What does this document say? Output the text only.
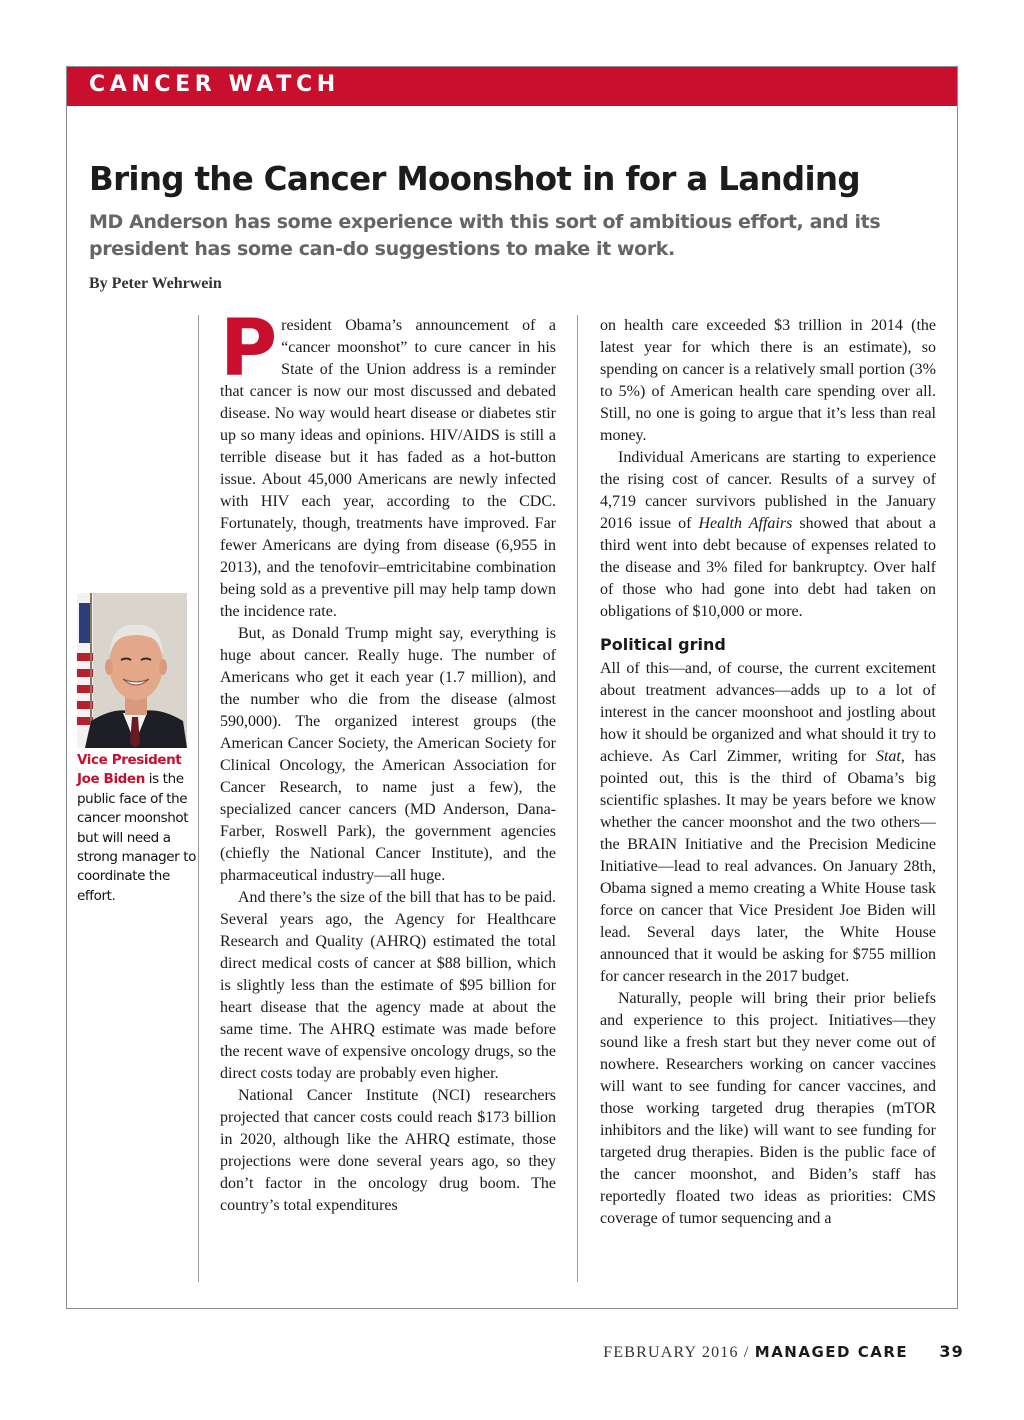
CANCER WATCH
Bring the Cancer Moonshot in for a Landing

MD Anderson has some experience with this sort of ambitious effort, and its president has some can-do suggestions to make it work.

By Peter Wehrwein

Vice President Joe Biden is the public face of the cancer moonshot but will need a strong manager to coordinate the effort.

President Obama’s announcement of a “cancer moonshot” to cure cancer in his State of the Union address is a reminder that cancer is now our most discussed and debated disease. No way would heart disease or diabetes stir up so many ideas and opinions. HIV/AIDS is still a terrible disease but it has faded as a hot-button issue. About 45,000 Americans are newly infected with HIV each year, according to the CDC. Fortunately, though, treatments have improved. Far fewer Americans are dying from disease (6,955 in 2013), and the tenofovir–emtricitabine combination being sold as a preventive pill may help tamp down the incidence rate.

But, as Donald Trump might say, everything is huge about cancer. Really huge. The number of Americans who get it each year (1.7 million), and the number who die from the disease (almost 590,000). The organized interest groups (the American Cancer Society, the American Society for Clinical Oncology, the American Association for Cancer Research, to name just a few), the specialized cancer cancers (MD Anderson, Dana-Farber, Roswell Park), the government agencies (chiefly the National Cancer Institute), and the pharmaceutical industry—all huge.

And there’s the size of the bill that has to be paid. Several years ago, the Agency for Healthcare Research and Quality (AHRQ) estimated the total direct medical costs of cancer at $88 billion, which is slightly less than the estimate of $95 billion for heart disease that the agency made at about the same time. The AHRQ estimate was made before the recent wave of expensive oncology drugs, so the direct costs today are probably even higher.

National Cancer Institute (NCI) researchers projected that cancer costs could reach $173 billion in 2020, although like the AHRQ estimate, those projections were done several years ago, so they don’t factor in the oncology drug boom. The country’s total expenditures

on health care exceeded $3 trillion in 2014 (the latest year for which there is an estimate), so spending on cancer is a relatively small portion (3% to 5%) of American health care spending over all. Still, no one is going to argue that it’s less than real money.

Individual Americans are starting to experience the rising cost of cancer. Results of a survey of 4,719 cancer survivors published in the January 2016 issue of Health Affairs showed that about a third went into debt because of expenses related to the disease and 3% filed for bankruptcy. Over half of those who had gone into debt had taken on obligations of $10,000 or more.

Political grind

All of this—and, of course, the current excitement about treatment advances—adds up to a lot of interest in the cancer moonshoot and jostling about how it should be organized and what should it try to achieve. As Carl Zimmer, writing for Stat, has pointed out, this is the third of Obama’s big scientific splashes. It may be years before we know whether the cancer moonshot and the two others—the BRAIN Initiative and the Precision Medicine Initiative—lead to real advances. On January 28th, Obama signed a memo creating a White House task force on cancer that Vice President Joe Biden will lead. Several days later, the White House announced that it would be asking for $755 million for cancer research in the 2017 budget.

Naturally, people will bring their prior beliefs and experience to this project. Initiatives—they sound like a fresh start but they never come out of nowhere. Researchers working on cancer vaccines will want to see funding for cancer vaccines, and those working targeted drug therapies (mTOR inhibitors and the like) will want to see funding for targeted drug therapies. Biden is the public face of the cancer moonshot, and Biden’s staff has reportedly floated two ideas as priorities: CMS coverage of tumor sequencing and a

FEBRUARY 2016 / MANAGED CARE 39
